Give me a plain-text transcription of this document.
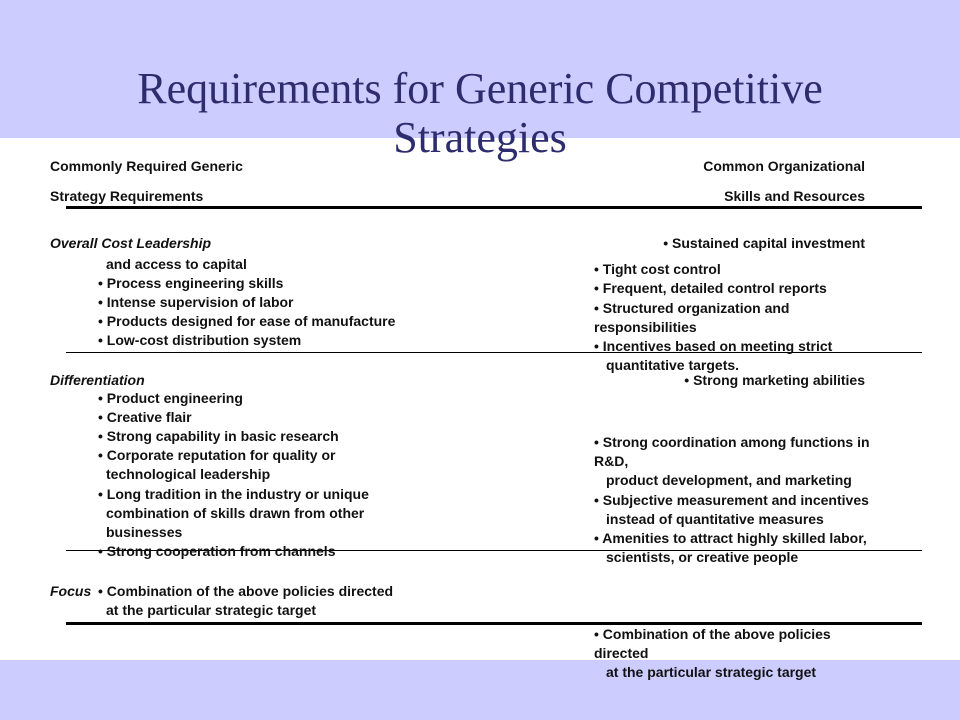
Requirements for Generic Competitive
Strategies
Commonly Required Generic
Strategy Requirements
Common Organizational
Skills and Resources
Overall Cost Leadership	• Sustained capital investment
and access to capital
• Process engineering skills
• Intense supervision of labor
• Products designed for ease of manufacture
• Low-cost distribution system
• Tight cost control
• Frequent, detailed control reports
• Structured organization and
responsibilities
• Incentives based on meeting strict
quantitative targets.
Differentiation	• Strong marketing abilities
• Product engineering
• Creative flair
• Strong capability in basic research
• Corporate reputation for quality or
technological leadership
• Long tradition in the industry or unique
combination of skills drawn from other
businesses
• Strong cooperation from channels
• Strong coordination among functions in
R&D,
product development, and marketing
• Subjective measurement and incentives
instead of quantitative measures
• Amenities to attract highly skilled labor,
scientists, or creative people
Focus • Combination of the above policies directed
at the particular strategic target
• Combination of the above policies
directed
at the particular strategic target
